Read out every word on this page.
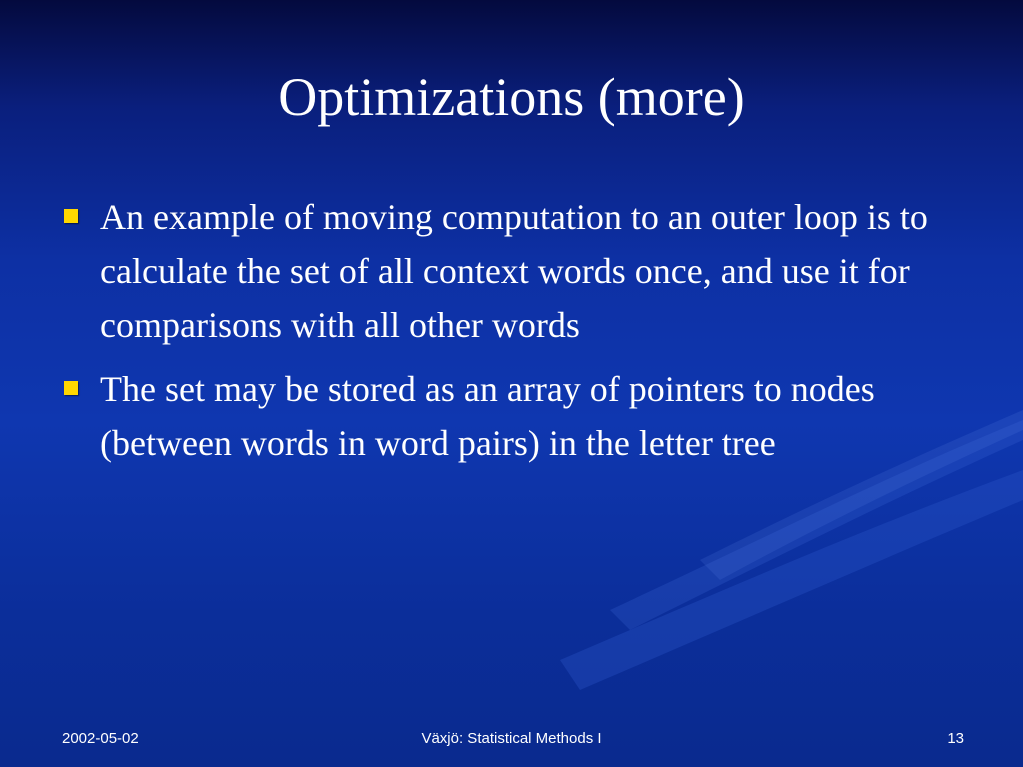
Optimizations (more)
An example of moving computation to an outer loop is to calculate the set of all context words once, and use it for comparisons with all other words
The set may be stored as an array of pointers to nodes (between words in word pairs) in the letter tree
2002-05-02	Växjö: Statistical Methods I	13
